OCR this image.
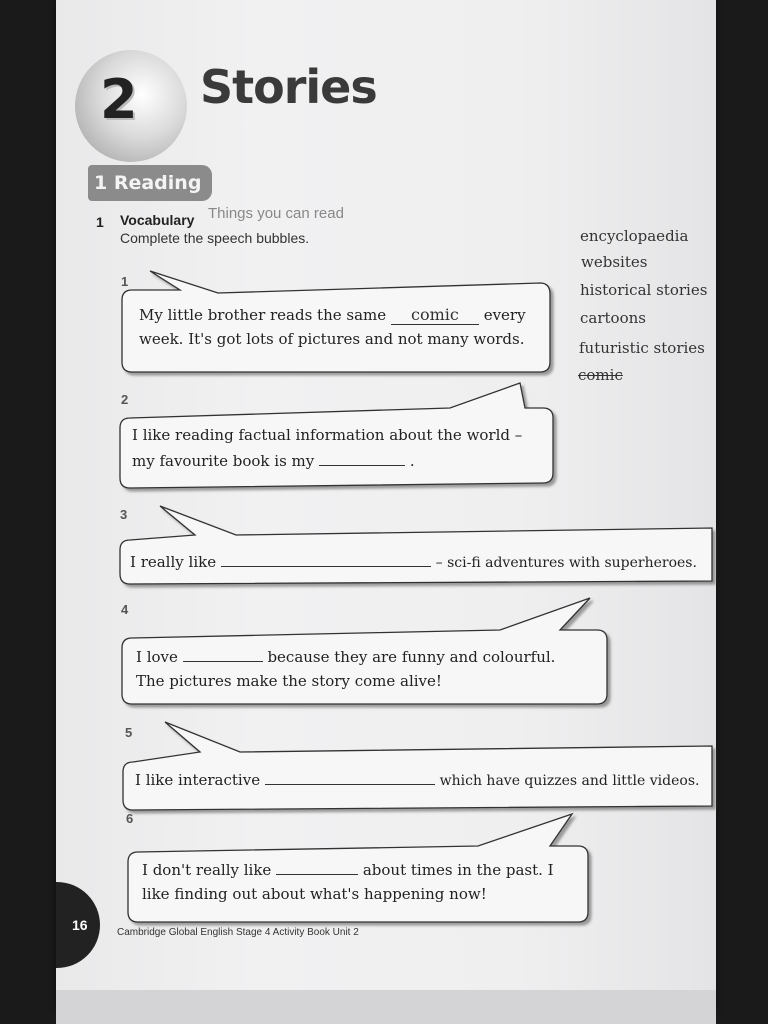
2 Stories
1 Reading
1 Vocabulary Things you can read
Complete the speech bubbles.	encyclopaedia
websites
historical stories
cartoons
futuristic stories
comic
1
2
3
4
5
6
My little brother reads the same comic every
week. It's got lots of pictures and not many words.
I like reading factual information about the world –
my favourite book is my	.
I really like	– sci-fi adventures with superheroes.
I love	because they are funny and colourful.
The pictures make the story come alive!
I like interactive	which have quizzes and little videos.
I don't really like	about times in the past. I
like finding out about what's happening now!
16	Cambridge Global English Stage 4 Activity Book Unit 2
